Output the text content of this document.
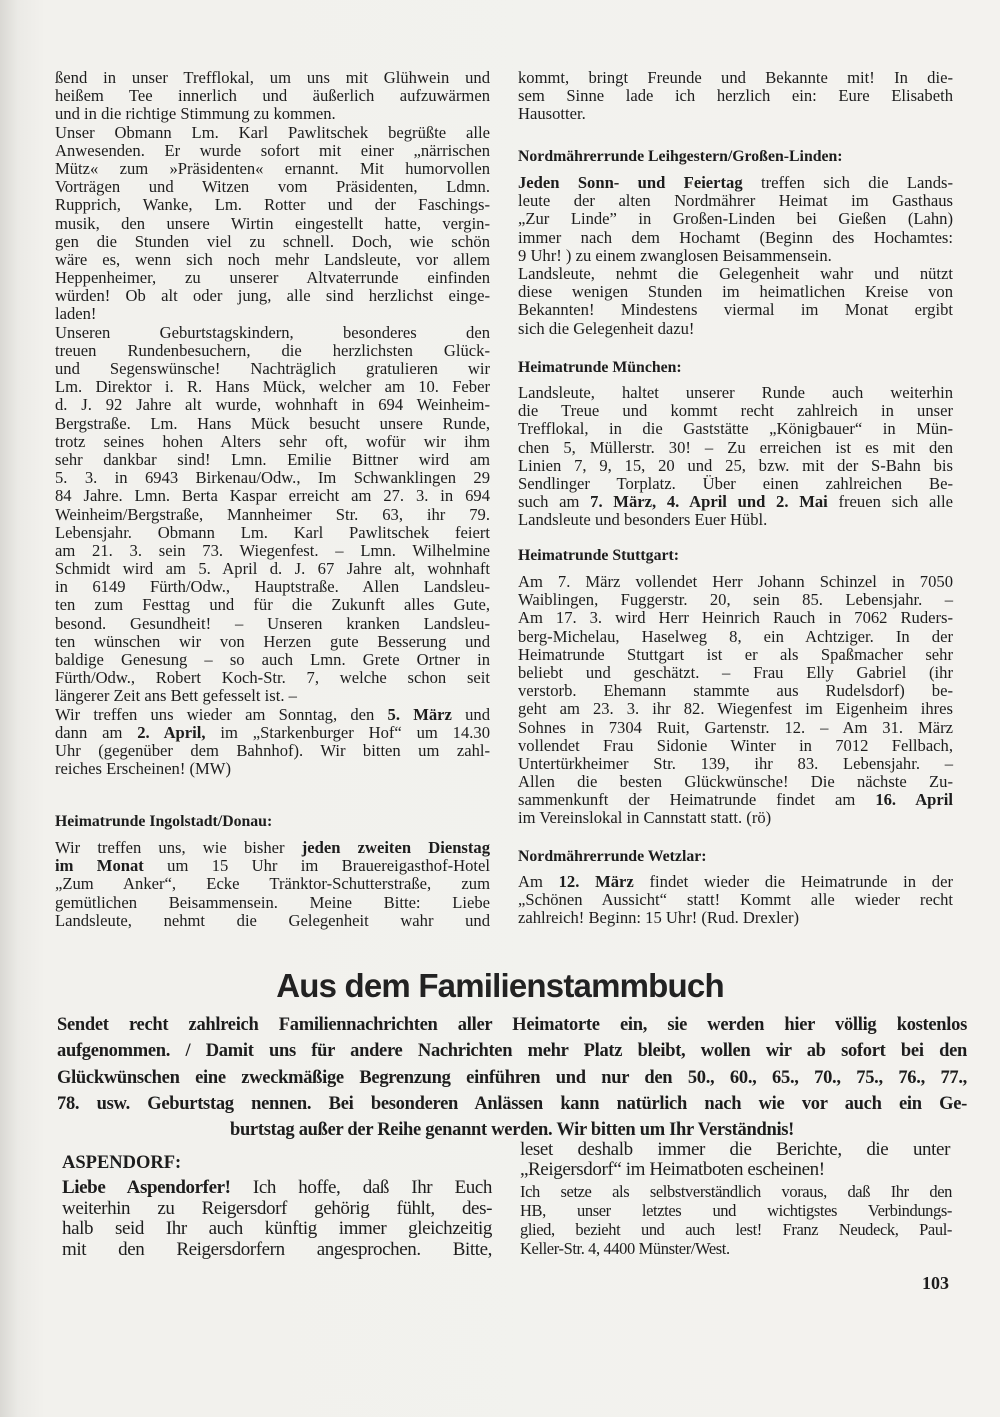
ßend in unser Trefflokal, um uns mit Glühwein und
heißem Tee innerlich und äußerlich aufzuwärmen
und in die richtige Stimmung zu kommen.
Unser Obmann Lm. Karl Pawlitschek begrüßte alle
Anwesenden. Er wurde sofort mit einer „närrischen
Mütz« zum »Präsidenten« ernannt. Mit humorvollen
Vorträgen und Witzen vom Präsidenten, Ldmn.
Rupprich, Wanke, Lm. Rotter und der Faschings-
musik, den unsere Wirtin eingestellt hatte, vergin-
gen die Stunden viel zu schnell. Doch, wie schön
wäre es, wenn sich noch mehr Landsleute, vor allem
Heppenheimer, zu unserer Altvaterrunde einfinden
würden! Ob alt oder jung, alle sind herzlichst einge-
laden!
Unseren Geburtstagskindern, besonderes den
treuen Rundenbesuchern, die herzlichsten Glück-
und Segenswünsche! Nachträglich gratulieren wir
Lm. Direktor i. R. Hans Mück, welcher am 10. Feber
d. J. 92 Jahre alt wurde, wohnhaft in 694 Weinheim-
Bergstraße. Lm. Hans Mück besucht unsere Runde,
trotz seines hohen Alters sehr oft, wofür wir ihm
sehr dankbar sind! Lmn. Emilie Bittner wird am
5. 3. in 6943 Birkenau/Odw., Im Schwanklingen 29
84 Jahre. Lmn. Berta Kaspar erreicht am 27. 3. in 694
Weinheim/Bergstraße, Mannheimer Str. 63, ihr 79.
Lebensjahr. Obmann Lm. Karl Pawlitschek feiert
am 21. 3. sein 73. Wiegenfest. – Lmn. Wilhelmine
Schmidt wird am 5. April d. J. 67 Jahre alt, wohnhaft
in 6149 Fürth/Odw., Hauptstraße. Allen Landsleu-
ten zum Festtag und für die Zukunft alles Gute,
besond. Gesundheit! – Unseren kranken Landsleu-
ten wünschen wir von Herzen gute Besserung und
baldige Genesung – so auch Lmn. Grete Ortner in
Fürth/Odw., Robert Koch-Str. 7, welche schon seit
längerer Zeit ans Bett gefesselt ist. –
Wir treffen uns wieder am Sonntag, den 5. März und
dann am 2. April, im „Starkenburger Hof“ um 14.30
Uhr (gegenüber dem Bahnhof). Wir bitten um zahl-
reiches Erscheinen! (MW)
Heimatrunde Ingolstadt/Donau:
Wir treffen uns, wie bisher jeden zweiten Dienstag
im Monat um 15 Uhr im Brauereigasthof-Hotel
„Zum Anker“, Ecke Tränktor-Schutterstraße, zum
gemütlichen Beisammensein. Meine Bitte: Liebe
Landsleute, nehmt die Gelegenheit wahr und
kommt, bringt Freunde und Bekannte mit! In die-
sem Sinne lade ich herzlich ein: Eure Elisabeth
Hausotter.
Nordmährerrunde Leihgestern/Großen-Linden:
Jeden Sonn- und Feiertag treffen sich die Lands-
leute der alten Nordmährer Heimat im Gasthaus
„Zur Linde” in Großen-Linden bei Gießen (Lahn)
immer nach dem Hochamt (Beginn des Hochamtes:
9 Uhr! ) zu einem zwanglosen Beisammensein.
Landsleute, nehmt die Gelegenheit wahr und nützt
diese wenigen Stunden im heimatlichen Kreise von
Bekannten! Mindestens viermal im Monat ergibt
sich die Gelegenheit dazu!
Heimatrunde München:
Landsleute, haltet unserer Runde auch weiterhin
die Treue und kommt recht zahlreich in unser
Trefflokal, in die Gaststätte „Königbauer“ in Mün-
chen 5, Müllerstr. 30! – Zu erreichen ist es mit den
Linien 7, 9, 15, 20 und 25, bzw. mit der S-Bahn bis
Sendlinger Torplatz. Über einen zahlreichen Be-
such am 7. März, 4. April und 2. Mai freuen sich alle
Landsleute und besonders Euer Hübl.
Heimatrunde Stuttgart:
Am 7. März vollendet Herr Johann Schinzel in 7050
Waiblingen, Fuggerstr. 20, sein 85. Lebensjahr. –
Am 17. 3. wird Herr Heinrich Rauch in 7062 Ruders-
berg-Michelau, Haselweg 8, ein Achtziger. In der
Heimatrunde Stuttgart ist er als Spaßmacher sehr
beliebt und geschätzt. – Frau Elly Gabriel (ihr
verstorb. Ehemann stammte aus Rudelsdorf) be-
geht am 23. 3. ihr 82. Wiegenfest im Eigenheim ihres
Sohnes in 7304 Ruit, Gartenstr. 12. – Am 31. März
vollendet Frau Sidonie Winter in 7012 Fellbach,
Untertürkheimer Str. 139, ihr 83. Lebensjahr. –
Allen die besten Glückwünsche! Die nächste Zu-
sammenkunft der Heimatrunde findet am 16. April
im Vereinslokal in Cannstatt statt. (rö)
Nordmährerrunde Wetzlar:
Am 12. März findet wieder die Heimatrunde in der
„Schönen Aussicht“ statt! Kommt alle wieder recht
zahlreich! Beginn: 15 Uhr! (Rud. Drexler)
Aus dem Familienstammbuch
Sendet recht zahlreich Familiennachrichten aller Heimatorte ein, sie werden hier völlig kostenlos
aufgenommen. / Damit uns für andere Nachrichten mehr Platz bleibt, wollen wir ab sofort bei den
Glückwünschen eine zweckmäßige Begrenzung einführen und nur den 50., 60., 65., 70., 75., 76., 77.,
78. usw. Geburtstag nennen. Bei besonderen Anlässen kann natürlich nach wie vor auch ein Ge-
burtstag außer der Reihe genannt werden. Wir bitten um Ihr Verständnis!
ASPENDORF:
Liebe Aspendorfer! Ich hoffe, daß Ihr Euch
weiterhin zu Reigersdorf gehörig fühlt, des-
halb seid Ihr auch künftig immer gleichzeitig
mit den Reigersdorfern angesprochen. Bitte,
leset deshalb immer die Berichte, die unter
„Reigersdorf“ im Heimatboten escheinen!
Ich setze als selbstverständlich voraus, daß Ihr den
HB, unser letztes und wichtigstes Verbindungs-
glied, bezieht und auch lest! Franz Neudeck, Paul-
Keller-Str. 4, 4400 Münster/West.
103
